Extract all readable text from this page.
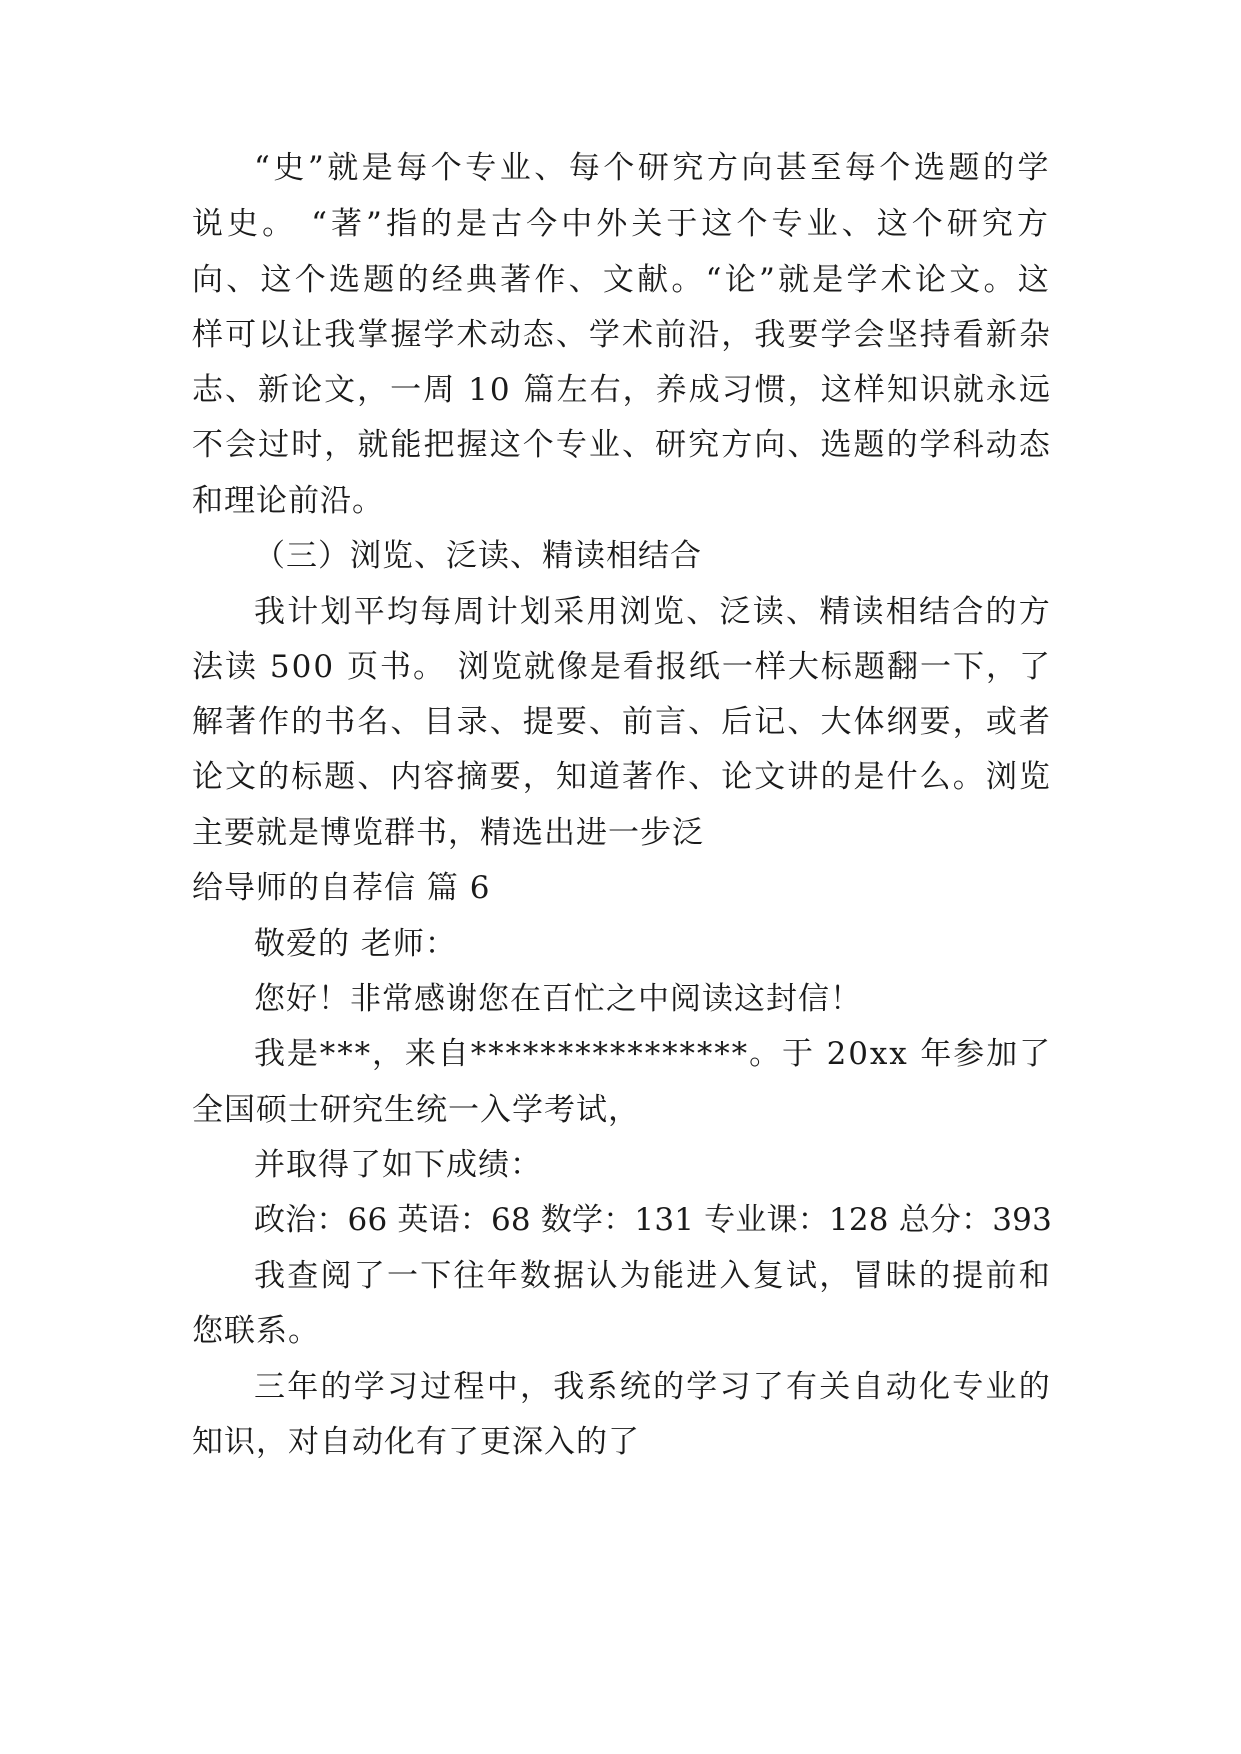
“史”就是每个专业、每个研究方向甚至每个选题的学
说史。 “著”指的是古今中外关于这个专业、这个研究方
向、这个选题的经典著作、文献。“论”就是学术论文。这
样可以让我掌握学术动态、学术前沿，我要学会坚持看新杂
志、新论文，一周 10 篇左右，养成习惯，这样知识就永远
不会过时，就能把握这个专业、研究方向、选题的学科动态
和理论前沿。
（三）浏览、泛读、精读相结合
我计划平均每周计划采用浏览、泛读、精读相结合的方
法读 500 页书。 浏览就像是看报纸一样大标题翻一下，了
解著作的书名、目录、提要、前言、后记、大体纲要，或者
论文的标题、内容摘要，知道著作、论文讲的是什么。浏览
主要就是博览群书，精选出进一步泛
给导师的自荐信 篇 6
敬爱的 老师：
您好！非常感谢您在百忙之中阅读这封信！
我是***，来自****************。于 20xx 年参加了
全国硕士研究生统一入学考试，
并取得了如下成绩：
政治：66 英语：68 数学：131 专业课：128 总分：393
我查阅了一下往年数据认为能进入复试，冒昧的提前和
您联系。
三年的学习过程中，我系统的学习了有关自动化专业的
知识，对自动化有了更深入的了
